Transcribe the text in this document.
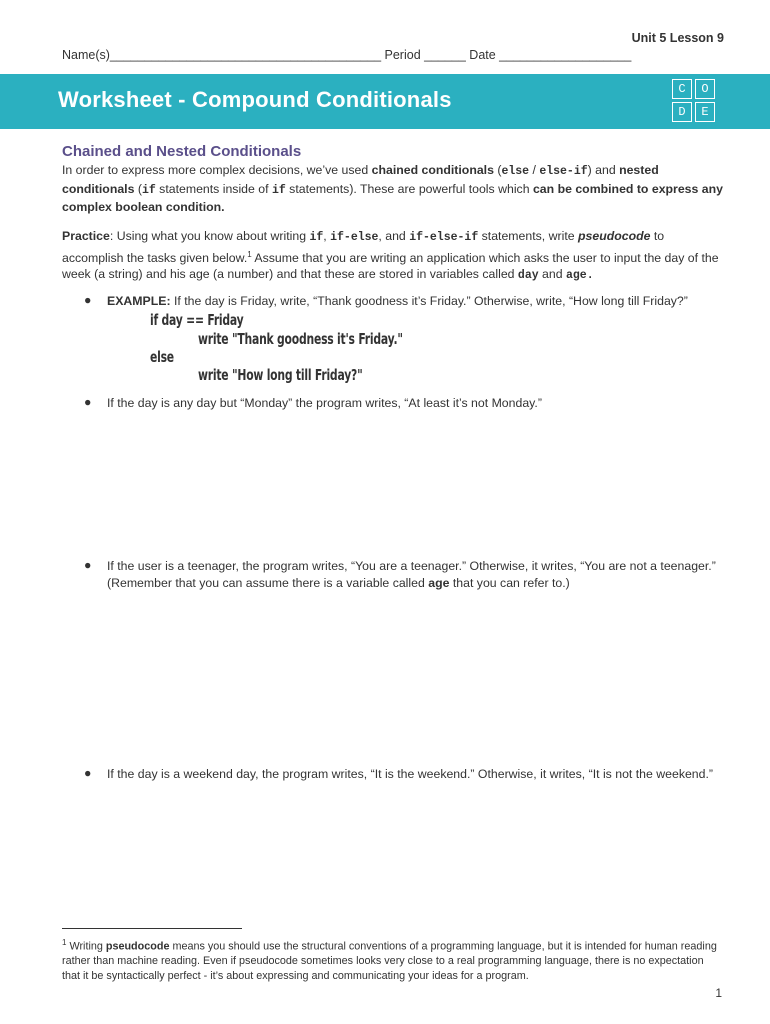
Unit 5 Lesson 9
Name(s)_______________________________________ Period ______ Date ___________________
Worksheet - Compound Conditionals	C	O
D	E
Chained and Nested Conditionals
In order to express more complex decisions, we’ve used chained conditionals (else / else-if) and nested conditionals (if statements inside of if statements). These are powerful tools which can be combined to express any complex boolean condition.
Practice: Using what you know about writing if, if-else, and if-else-if statements, write pseudocode to accomplish the tasks given below.$^1$ Assume that you are writing an application which asks the user to input the day of the week (a string) and his age (a number) and that these are stored in variables called day and age.
● EXAMPLE: If the day is Friday, write, “Thank goodness it’s Friday.” Otherwise, write, “How long till Friday?”
if day == Friday
write "Thank goodness it's Friday."
else
write "How long till Friday?"
● If the day is any day but “Monday” the program writes, “At least it’s not Monday.”
● If the user is a teenager, the program writes, “You are a teenager.” Otherwise, it writes, “You are not a teenager.” (Remember that you can assume there is a variable called age that you can refer to.)
● If the day is a weekend day, the program writes, “It is the weekend.” Otherwise, it writes, “It is not the weekend.”
$^1$ Writing pseudocode means you should use the structural conventions of a programming language, but it is intended for human reading rather than machine reading. Even if pseudocode sometimes looks very close to a real programming language, there is no expectation that it be syntactically perfect - it’s about expressing and communicating your ideas for a program.
1
